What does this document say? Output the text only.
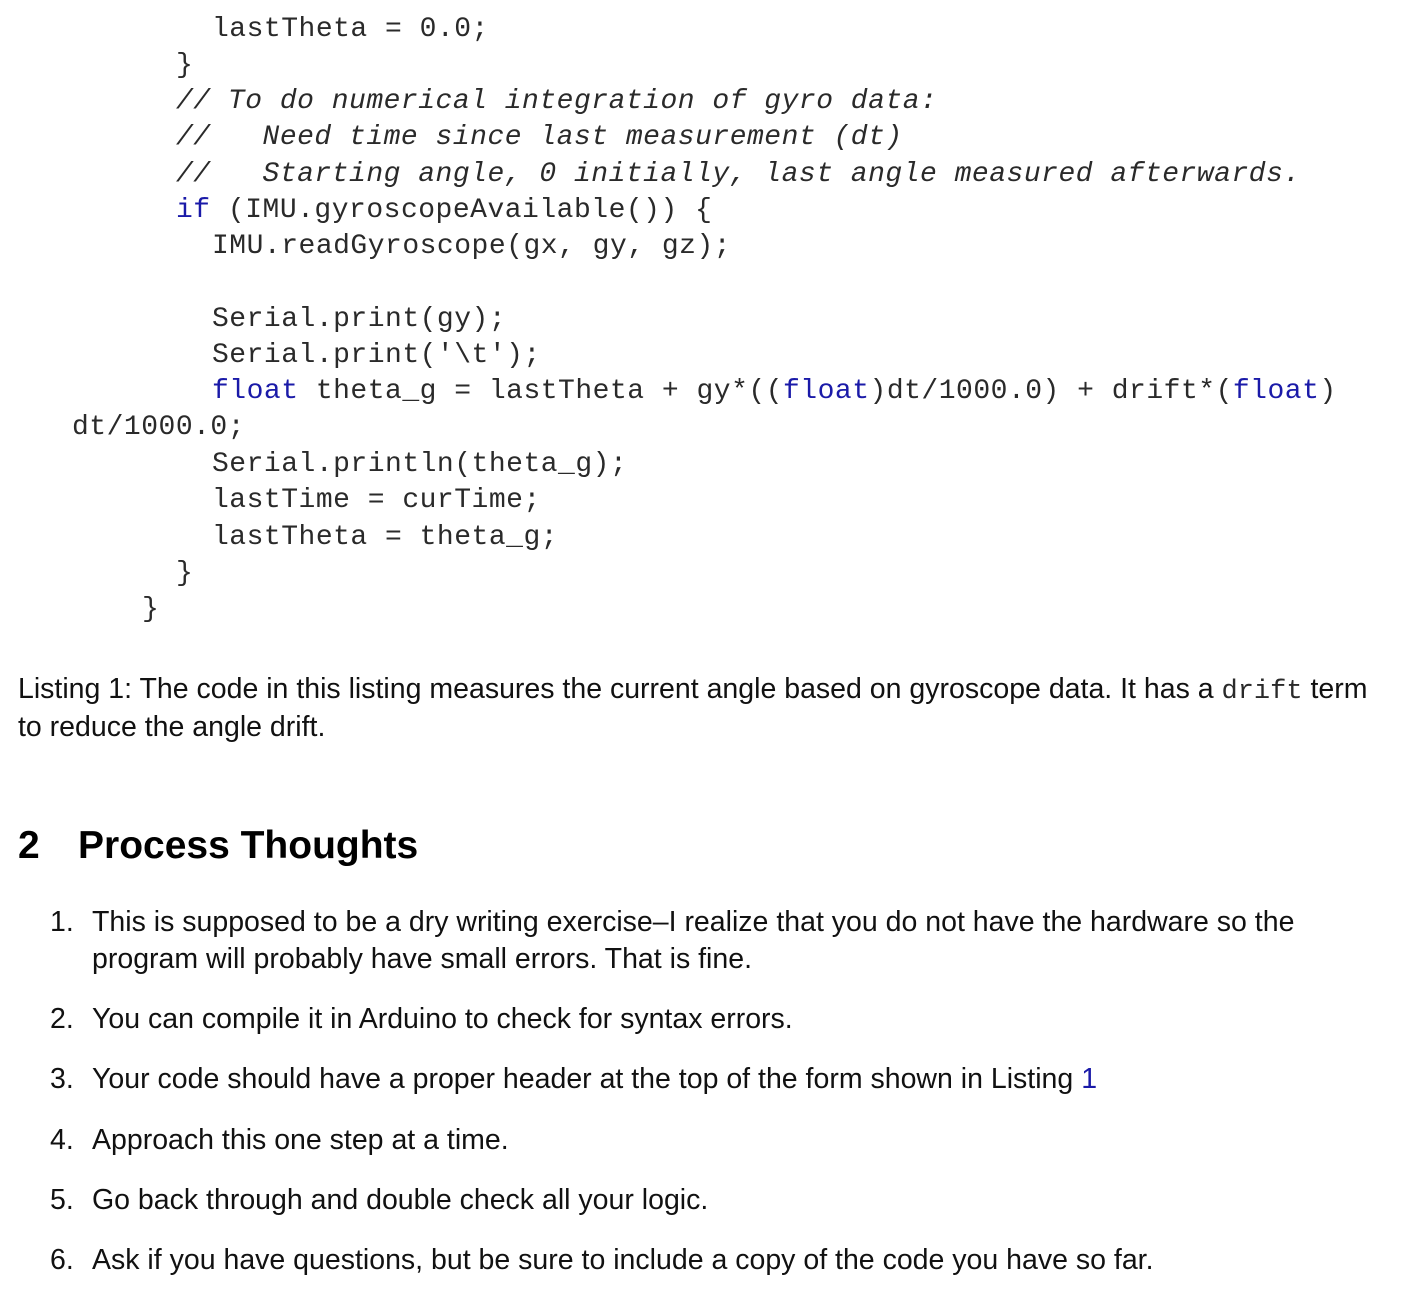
lastTheta = 0.0;
}
// To do numerical integration of gyro data:
//   Need time since last measurement (dt)
//   Starting angle, 0 initially, last angle measured afterwards.
if (IMU.gyroscopeAvailable()) {
IMU.readGyroscope(gx, gy, gz);
Serial.print(gy);
Serial.print('\t');
float theta_g = lastTheta + gy*((float)dt/1000.0) + drift*(float)
dt/1000.0;
Serial.println(theta_g);
lastTime = curTime;
lastTheta = theta_g;
}
}
Listing 1: The code in this listing measures the current angle based on gyroscope data. It has a drift term to reduce the angle drift.
2 Process Thoughts
1. This is supposed to be a dry writing exercise–I realize that you do not have the hardware so the program will probably have small errors. That is fine.
2. You can compile it in Arduino to check for syntax errors.
3. Your code should have a proper header at the top of the form shown in Listing 1
4. Approach this one step at a time.
5. Go back through and double check all your logic.
6. Ask if you have questions, but be sure to include a copy of the code you have so far.
